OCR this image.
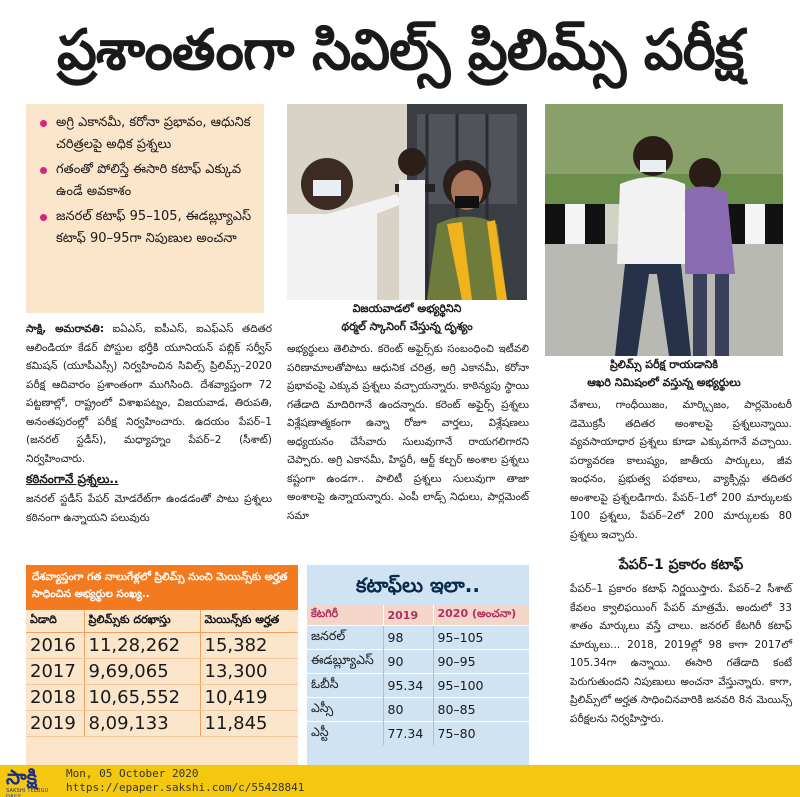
ప్రశాంతంగా సివిల్స్ ప్రిలిమ్స్ పరీక్ష
అగ్రి ఎకానమీ, కరోనా ప్రభావం, ఆధునిక చరిత్రలపై అధిక ప్రశ్నలు
గతంతో పోలిస్తే ఈసారి కటాఫ్ ఎక్కువ ఉండే అవకాశం
జనరల్ కటాఫ్ 95–105, ఈడబ్ల్యూఎస్ కటాఫ్ 90–95గా నిపుణుల అంచనా
విజయవాడలో అభ్యర్థినిని
థర్మల్ స్కానింగ్ చేస్తున్న దృశ్యం
ప్రిలిమ్స్ పరీక్ష రాయడానికి
ఆఖరి నిమిషంలో వస్తున్న అభ్యర్థులు

సాక్షి, అమరావతి: ఐఏఎస్, ఐపీఎస్, ఐఎఫ్ఎస్ తదితర ఆలిండియా కేడర్ పోస్టుల భర్తీకి యూనియన్ పబ్లిక్ సర్వీస్ కమిషన్ (యూపీఎస్సీ) నిర్వహించిన సివిల్స్ ప్రిలిమ్స్–2020 పరీక్ష ఆదివారం ప్రశాంతంగా ముగిసింది. దేశవ్యాప్తంగా 72 పట్టణాల్లో, రాష్ట్రంలో విశాఖపట్నం, విజయవాడ, తిరుపతి, అనంతపురంల్లో పరీక్ష నిర్వహించారు. ఉదయం పేపర్–1 (జనరల్ స్టడీస్), మధ్యాహ్నం పేపర్–2 (సీశాట్) నిర్వహించారు.

కఠినంగానే ప్రశ్నలు..

జనరల్ స్టడీస్ పేపర్ మోడరేట్‌గా ఉండడంతో పాటు ప్రశ్నలు కఠినంగా ఉన్నాయని పలువురు

అభ్యర్థులు తెలిపారు. కరెంట్ అఫైర్స్‌కు సంబంధించి ఇటీవలి పరిణామాలతోపాటు ఆధునిక చరిత్ర, అగ్రి ఎకానమీ, కరోనా ప్రభావంపై ఎక్కువ ప్రశ్నలు వచ్చాయన్నారు. కాఠిన్యపు స్థాయి గతేడాది మాదిరిగానే ఉందన్నారు. కరెంట్ అఫైర్స్ ప్రశ్నలు విశ్లేషణాత్మకంగా ఉన్నా రోజూ వార్తలు, విశ్లేషణలు అధ్యయనం చేసేవారు సులువుగానే రాయగలిగారని చెప్పారు. అగ్రి ఎకానమీ, హిస్టరీ, ఆర్ట్ కల్చర్ అంశాల ప్రశ్నలు కష్టంగా ఉండగా.. పాలిటీ ప్రశ్నలు సులువుగా తాజా అంశాలపై ఉన్నాయన్నారు. ఎంపీ లాడ్స్ నిధులు, పార్లమెంట్ సమా

వేశాలు, గాంధీయిజం, మార్క్సిజం, పార్లమెంటరీ డెమొక్రసీ తదితర అంశాలపై ప్రశ్నలున్నాయి. వ్యవసాయాధార ప్రశ్నలు కూడా ఎక్కువగానే వచ్చాయి. పర్యావరణ కాలుష్యం, జాతీయ పార్కులు, జీవ ఇంధనం, ప్రభుత్వ పథకాలు, వ్యాక్సిన్లు తదితర అంశాలపై ప్రశ్నలడిగారు. పేపర్–1లో 200 మార్కులకు 100 ప్రశ్నలు, పేపర్–2లో 200 మార్కులకు 80 ప్రశ్నలు ఇచ్చారు.

పేపర్–1 ప్రకారం కటాఫ్

పేపర్–1 ప్రకారం కటాఫ్ నిర్ణయిస్తారు. పేపర్–2 సీశాట్ కేవలం క్వాలిఫయింగ్ పేపర్ మాత్రమే. అందులో 33 శాతం మార్కులు వస్తే చాలు. జనరల్ కేటగిరీ కటాఫ్ మార్కులు... 2018, 2019ల్లో 98 కాగా 2017లో 105.34గా ఉన్నాయి. ఈసారి గతేడాది కంటే పెరుగుతుందని నిపుణులు అంచనా వేస్తున్నారు. కాగా, ప్రిలిమ్స్‌లో అర్హత సాధించినవారికి జనవరి 8న మెయిన్స్ పరీక్షలను నిర్వహిస్తారు.

దేశవ్యాప్తంగా గత నాలుగేళ్లలో ప్రిలిమ్స్ నుంచి మెయిన్స్‌కు అర్హత సాధించిన అభ్యర్థుల సంఖ్య..
ఏడాది	ప్రిలిమ్స్‌కు దరఖాస్తు	మెయిన్స్‌కు అర్హత
2016	11,28,262	15,382
2017	9,69,065	13,300
2018	10,65,552	10,419
2019	8,09,133	11,845
కటాఫ్‌లు ఇలా..
కేటగిరీ	2019	2020 (అంచనా)
జనరల్	98	95–105
ఈడబ్ల్యూఎస్	90	90–95
ఓబీసీ	95.34	95–100
ఎస్సీ	80	80–85
ఎస్టీ	77.34	75–80
సాక్షి
SAKSHI TELUGU DAILY
Mon, 05 October 2020
https://epaper.sakshi.com/c/55428841
